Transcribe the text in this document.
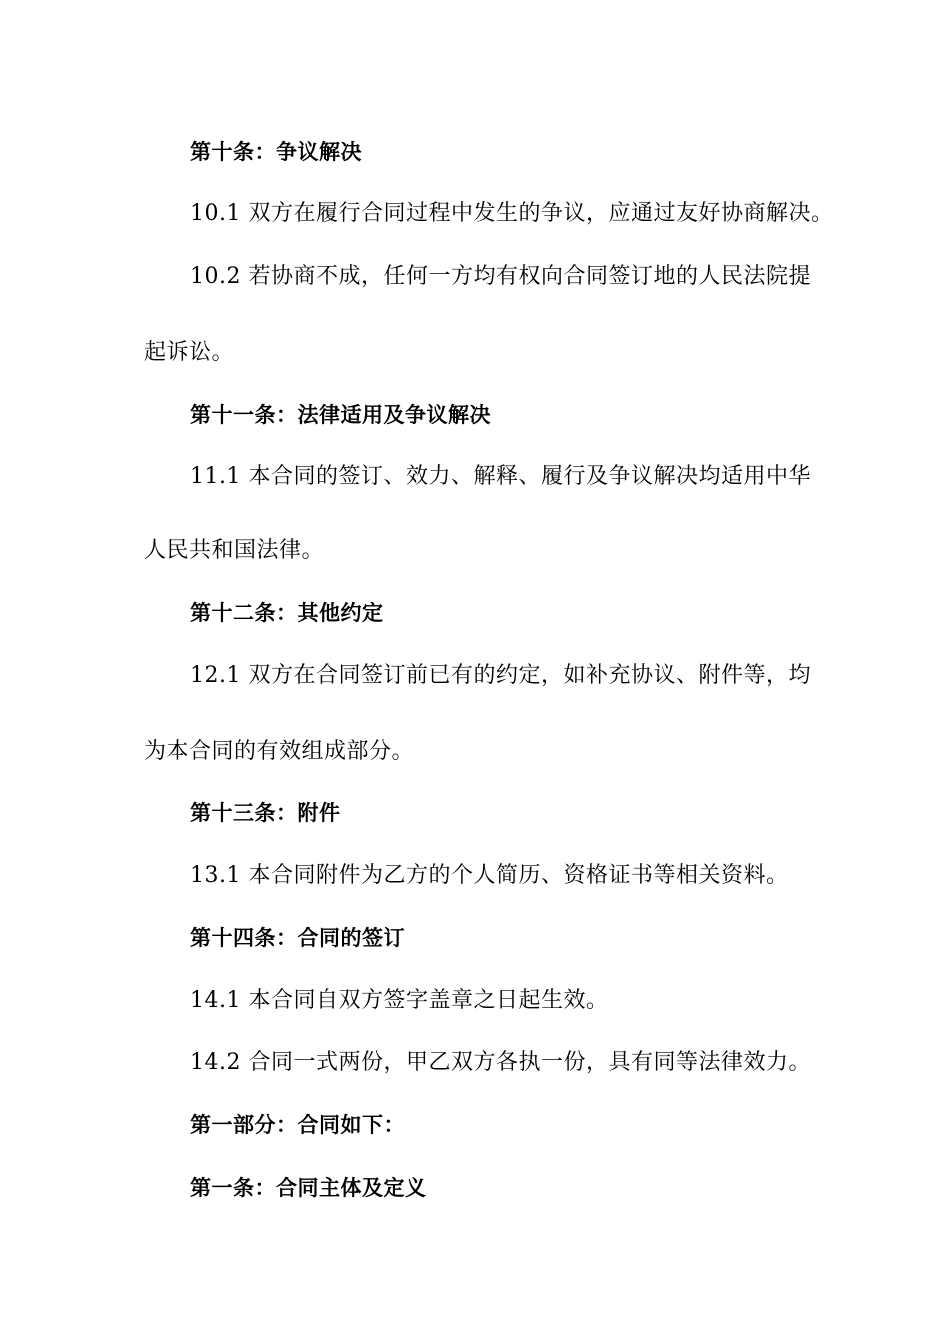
第十条：争议解决
10.1 双方在履行合同过程中发生的争议，应通过友好协商解决。
10.2 若协商不成，任何一方均有权向合同签订地的人民法院提
起诉讼。
第十一条：法律适用及争议解决
11.1 本合同的签订、效力、解释、履行及争议解决均适用中华
人民共和国法律。
第十二条：其他约定
12.1 双方在合同签订前已有的约定，如补充协议、附件等，均
为本合同的有效组成部分。
第十三条：附件
13.1 本合同附件为乙方的个人简历、资格证书等相关资料。
第十四条：合同的签订
14.1 本合同自双方签字盖章之日起生效。
14.2 合同一式两份，甲乙双方各执一份，具有同等法律效力。
第一部分：合同如下：
第一条：合同主体及定义
